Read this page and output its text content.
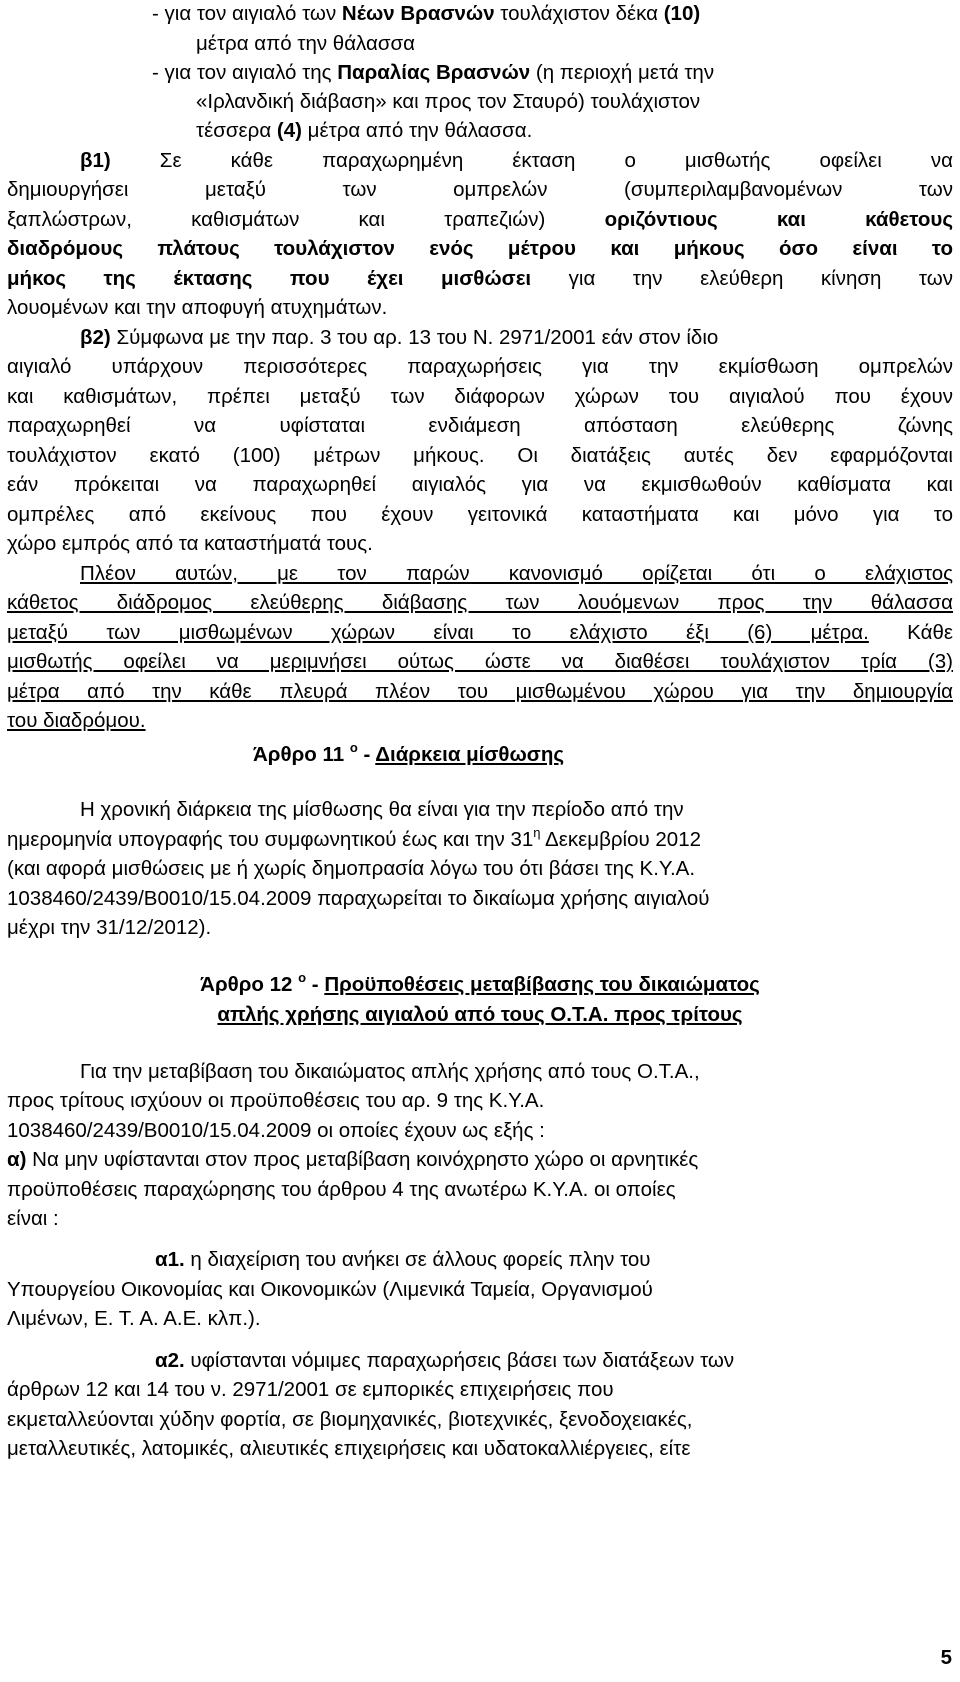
- για τον αιγιαλό των Νέων Βρασνών τουλάχιστον δέκα (10)
μέτρα από την θάλασσα
- για τον αιγιαλό της Παραλίας Βρασνών (η περιοχή μετά την
«Ιρλανδική διάβαση» και προς τον Σταυρό) τουλάχιστον
τέσσερα (4) μέτρα από την θάλασσα.
β1) Σε κάθε παραχωρημένη έκταση ο μισθωτής οφείλει να
δημιουργήσει μεταξύ των ομπρελών (συμπεριλαμβανομένων των
ξαπλώστρων, καθισμάτων και τραπεζιών) οριζόντιους και κάθετους
διαδρόμους πλάτους τουλάχιστον ενός μέτρου και μήκους όσο είναι το
μήκος της έκτασης που έχει μισθώσει για την ελεύθερη κίνηση των
λουομένων και την αποφυγή ατυχημάτων.
β2) Σύμφωνα με την παρ. 3 του αρ. 13 του Ν. 2971/2001 εάν στον ίδιο
αιγιαλό υπάρχουν περισσότερες παραχωρήσεις για την εκμίσθωση ομπρελών
και καθισμάτων, πρέπει μεταξύ των διάφορων χώρων του αιγιαλού που έχουν
παραχωρηθεί να υφίσταται ενδιάμεση απόσταση ελεύθερης ζώνης
τουλάχιστον εκατό (100) μέτρων μήκους. Οι διατάξεις αυτές δεν εφαρμόζονται
εάν πρόκειται να παραχωρηθεί αιγιαλός για να εκμισθωθούν καθίσματα και
ομπρέλες από εκείνους που έχουν γειτονικά καταστήματα και μόνο για το
χώρο εμπρός από τα καταστήματά τους.
Πλέον αυτών, με τον παρών κανονισμό ορίζεται ότι ο ελάχιστος
κάθετος διάδρομος ελεύθερης διάβασης των λουόμενων προς την θάλασσα
μεταξύ των μισθωμένων χώρων είναι το ελάχιστο έξι (6) μέτρα. Κάθε
μισθωτής οφείλει να μεριμνήσει ούτως ώστε να διαθέσει τουλάχιστον τρία (3)
μέτρα από την κάθε πλευρά πλέον του μισθωμένου χώρου για την δημιουργία
του διαδρόμου.
Άρθρο 11 $^o$ - Διάρκεια μίσθωσης
Η χρονική διάρκεια της μίσθωσης θα είναι για την περίοδο από την
ημερομηνία υπογραφής του συμφωνητικού έως και την $31^\eta$ Δεκεμβρίου 2012
(και αφορά μισθώσεις με ή χωρίς δημοπρασία λόγω του ότι βάσει της Κ.Υ.Α.
1038460/2439/Β0010/15.04.2009 παραχωρείται το δικαίωμα χρήσης αιγιαλού
μέχρι την 31/12/2012).
Άρθρο 12 $^o$ - Προϋποθέσεις μεταβίβασης του δικαιώματος
απλής χρήσης αιγιαλού από τους Ο.Τ.Α. προς τρίτους
Για την μεταβίβαση του δικαιώματος απλής χρήσης από τους Ο.Τ.Α.,
προς τρίτους ισχύουν οι προϋποθέσεις του αρ. 9 της Κ.Υ.Α.
1038460/2439/Β0010/15.04.2009 οι οποίες έχουν ως εξής :
α) Να μην υφίστανται στον προς μεταβίβαση κοινόχρηστο χώρο οι αρνητικές
προϋποθέσεις παραχώρησης του άρθρου 4 της ανωτέρω Κ.Υ.Α. οι οποίες
είναι :
α1. η διαχείριση του ανήκει σε άλλους φορείς πλην του
Υπουργείου Οικονομίας και Οικονομικών (Λιμενικά Ταμεία, Οργανισμού
Λιμένων, Ε. Τ. Α. Α.Ε. κλπ.).
α2. υφίστανται νόμιμες παραχωρήσεις βάσει των διατάξεων των
άρθρων 12 και 14 του ν. 2971/2001 σε εμπορικές επιχειρήσεις που
εκμεταλλεύονται χύδην φορτία, σε βιομηχανικές, βιοτεχνικές, ξενοδοχειακές,
μεταλλευτικές, λατομικές, αλιευτικές επιχειρήσεις και υδατοκαλλιέργειες, είτε
5
